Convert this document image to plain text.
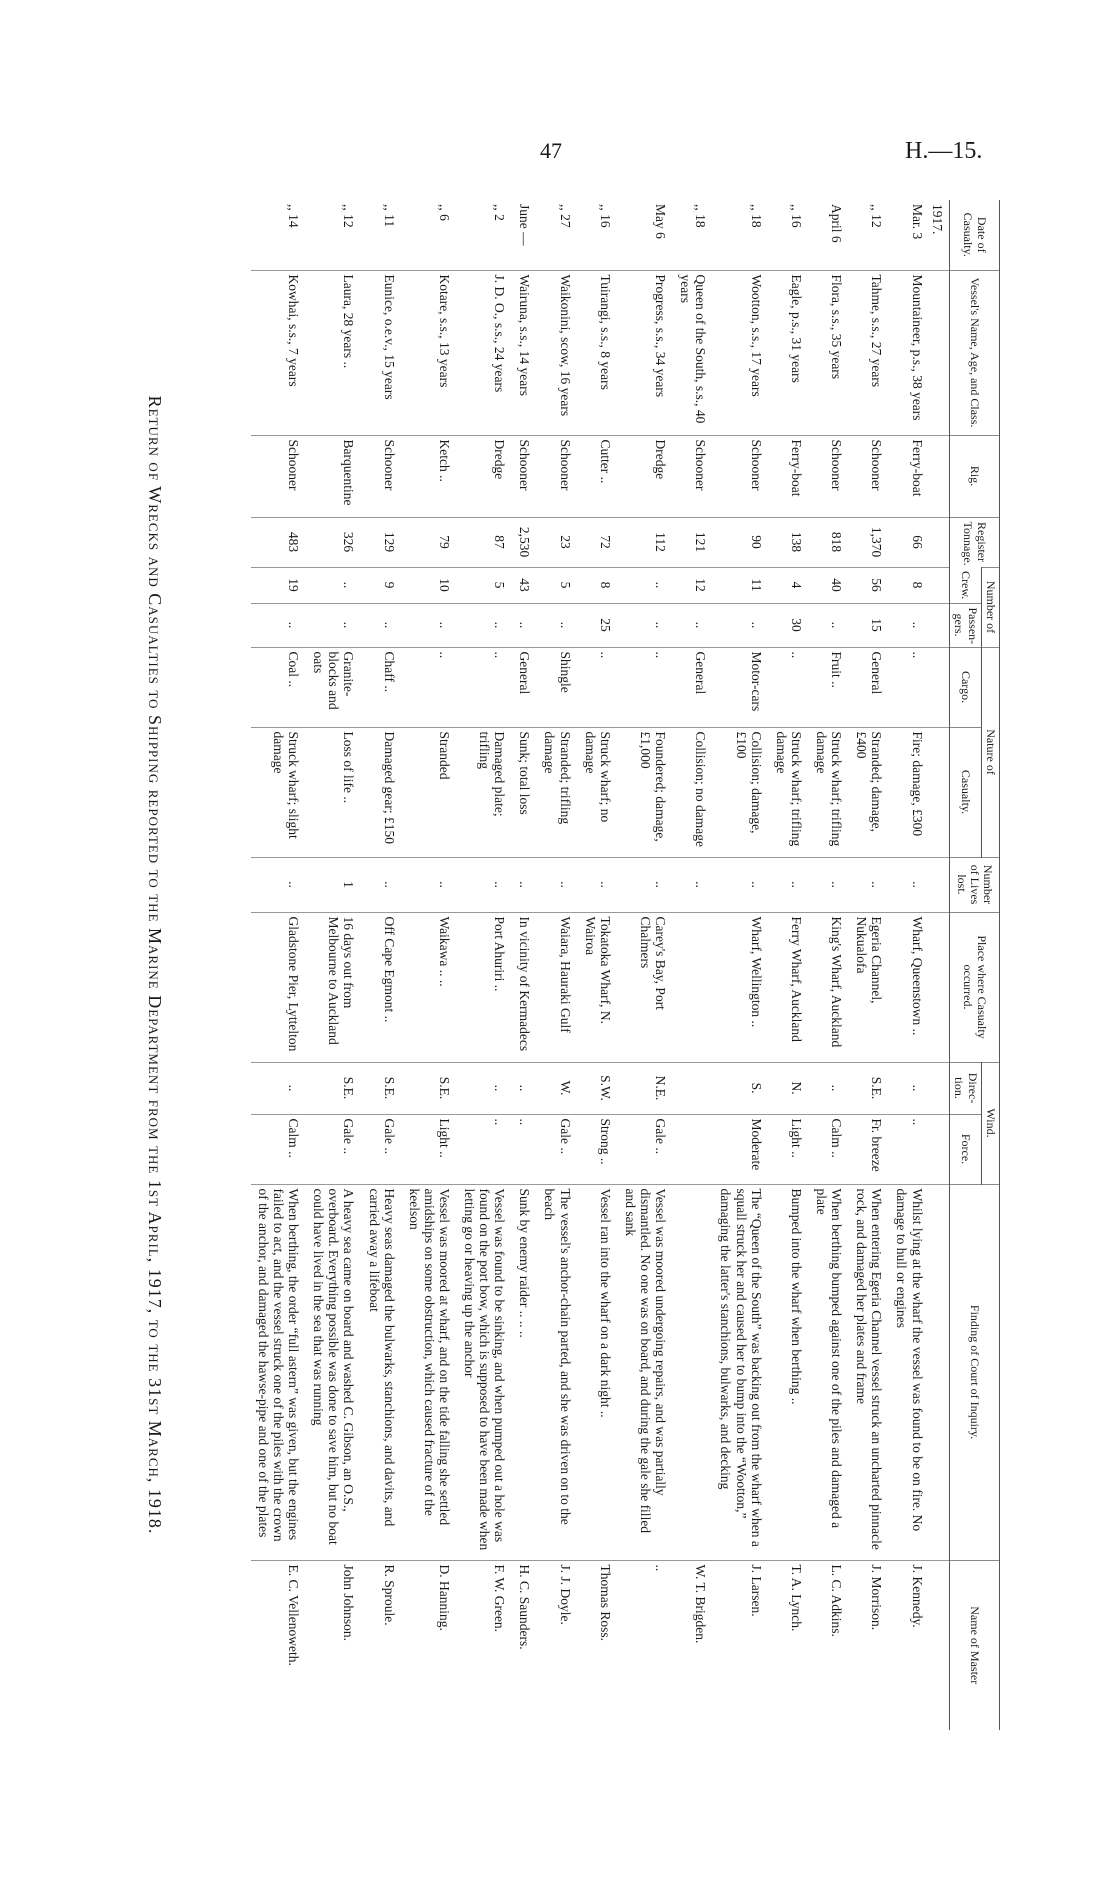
47	H.—15.
Date of Casualty.	Vessel's Name, Age, and Class.	Rig.	Register Tonnage.	Number of		Nature of		Number of Lives lost.	Place where Casualty occurred.	Wind.		Finding of Court of Inquiry.	Name of Master
				Crew.	Passen-gers.	Cargo.	Casualty.			Direc-tion.	Force.		
1917.													
Mar. 3	Mountaineer, p.s., 38 years	Ferry-boat	66	8	..	..	Fire; damage, £300	..	Wharf, Queenstown ..	..	..	Whilst lying at the wharf the vessel was found to be on fire. No damage to hull or engines	J. Kennedy.
,, 12	Tahme, s.s., 27 years	Schooner	1,370	56	15	General	Stranded; damage, £400	..	Egeria Channel, Nukualofa	S.E.	Fr. breeze	When entering Egeria Channel vessel struck an uncharted pinnacle rock, and damaged her plates and frame	J. Morrison.
April 6	Flora, s.s., 35 years	Schooner	818	40	..	Fruit ..	Struck wharf; trifling damage	..	King's Wharf, Auckland	..	Calm ..	When berthing bumped against one of the piles and damaged a plate	L. C. Adkins.
,, 16	Eagle, p.s., 31 years	Ferry-boat	138	4	30	..	Struck wharf; trifling damage	..	Ferry Wharf, Auckland	N.	Light ..	Bumped into the wharf when berthing ..	T. A. Lynch.
,, 18	Wootton, s.s., 17 years	Schooner	90	11	..	Motor-cars	Collision; damage, £100	..	Wharf, Wellington ..	S.	Moderate	The “Queen of the South” was backing out from the wharf when a squall struck her and caused her to bump into the “Wootton,” damaging the latter's stanchions, bulwarks, and decking	J. Larsen.
,, 18	Queen of the South, s.s., 40 years	Schooner	121	12	..	General	Collision; no damage	..					W. T. Brigden.
May 6	Progress, s.s., 34 years	Dredge	112	..	..	..	Foundered; damage, £1,000	..	Carey's Bay, Port Chalmers	N.E.	Gale ..	Vessel was moored undergoing repairs, and was partially dismantled. No one was on board, and during the gale she filled and sank	..
,, 16	Tuirangi, s.s., 8 years	Cutter ..	72	8	25	..	Struck wharf; no damage	..	Tokatoka Wharf, N. Wairoa	S.W.	Strong ..	Vessel ran into the wharf on a dark night ..	Thomas Ross.
,, 27	Waikonini, scow, 16 years	Schooner	23	5	..	Shingle	Stranded; trifling damage	..	Waiara, Hauraki Gulf	W.	Gale ..	The vessel's anchor-chain parted, and she was driven on to the beach	J. J. Doyle.
June —	Wairuna, s.s., 14 years	Schooner	2,530	43	..	General	Sunk; total loss	..	In vicinity of Kermadecs	..	..	Sunk by enemy raider .. .. ..	H. C. Saunders.
,, 2	J. D. O., s.s., 24 years	Dredge	87	5	..	..	Damaged plate; trifling	..	Port Ahuriri ..	..	..	Vessel was found to be sinking, and when pumped out a hole was found on the port bow, which is supposed to have been made when letting go or heaving up the anchor	F. W. Green.
,, 6	Kotare, s.s., 13 years	Ketch ..	79	10	..	..	Stranded	..	Waikawa .. ..	S.E.	Light ..	Vessel was moored at wharf, and on the tide falling she settled amidships on some obstruction, which caused fracture of the keelson	D. Hanning.
,, 11	Eunice, o.e.v., 15 years	Schooner	129	9	..	Chaff ..	Damaged gear; £150	..	Off Cape Egmont ..	S.E.	Gale ..	Heavy seas damaged the bulwarks, stanchions, and davits, and carried away a lifeboat	R. Sproule.
,, 12	Laura, 28 years ..	Barquentine	326	..	..	Granite-blocks and oats	Loss of life ..	1	16 days out from Melbourne to Auckland	S.E.	Gale ..	A heavy sea came on board and washed C. Gibson, an O.S., overboard. Everything possible was done to save him, but no boat could have lived in the sea that was running	John Johnson.
,, 14	Kowhai, s.s., 7 years	Schooner	483	19	..	Coal ..	Struck wharf; slight damage	..	Gladstone Pier, Lyttelton	..	Calm ..	When berthing, the order “full astern” was given, but the engines failed to act, and the vessel struck one of the piles with the crown of the anchor, and damaged the hawse-pipe and one of the plates	E. C. Vellenoweth.
Return of Wrecks and Casualties to Shipping reported to the Marine Department from the 1st April, 1917, to the 31st March, 1918.
